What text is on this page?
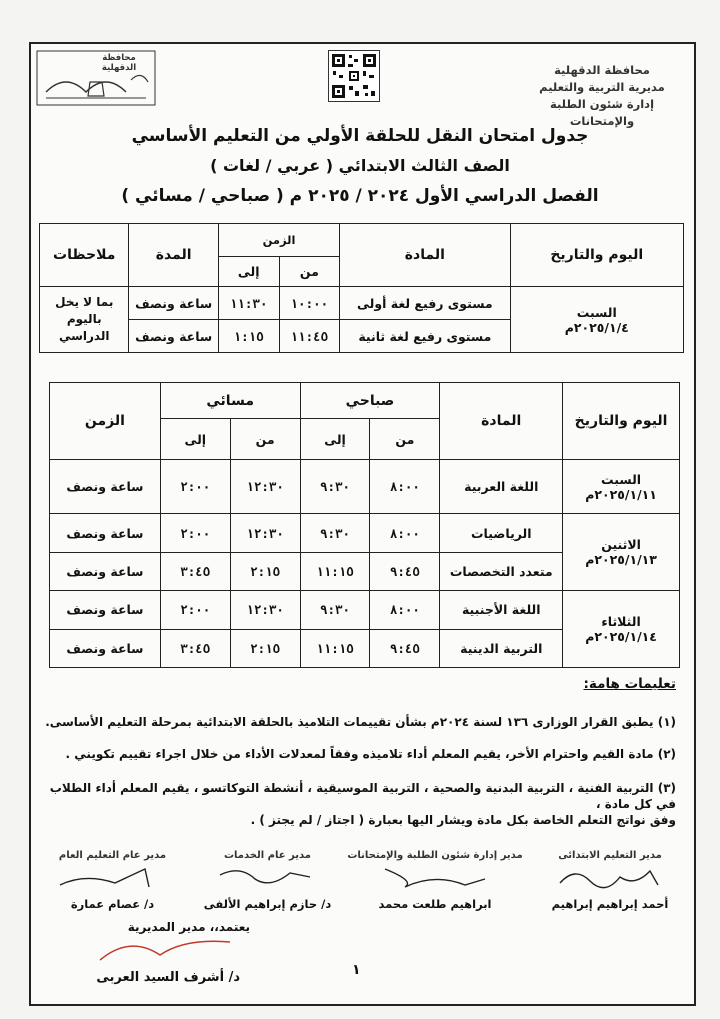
محافظة الدقهلية
مديرية التربية والتعليم
إدارة شئون الطلبة والإمتحانات
محافظة الدقهلية
جدول امتحان النقل للحلقة الأولي من التعليم الأساسي
الصف الثالث الابتدائي ( عربي / لغات )
الفصل الدراسي الأول ٢٠٢٤ / ٢٠٢٥ م ( صباحي / مسائي )
اليوم والتاريخ	المادة	الزمن		المدة	ملاحظات
		من	إلى		

السبت
٢٠٢٥/١/٤م	مستوى رفيع لغة أولى	١٠:٠٠	١١:٣٠	ساعة ونصف	بما لا يخل باليوم الدراسي
	مستوى رفيع لغة ثانية	١١:٤٥	١:١٥	ساعة ونصف	
اليوم والتاريخ	المادة	صباحي		مسائي		الزمن
		من	إلى	من	إلى	

السبت
٢٠٢٥/١/١١م	اللغة العربية	٨:٠٠	٩:٣٠	١٢:٣٠	٢:٠٠	ساعة ونصف

الاثنين
٢٠٢٥/١/١٣م	الرياضيات	٨:٠٠	٩:٣٠	١٢:٣٠	٢:٠٠	ساعة ونصف
	متعدد التخصصات	٩:٤٥	١١:١٥	٢:١٥	٣:٤٥	ساعة ونصف

الثلاثاء
٢٠٢٥/١/١٤م	اللغة الأجنبية	٨:٠٠	٩:٣٠	١٢:٣٠	٢:٠٠	ساعة ونصف
	التربية الدينية	٩:٤٥	١١:١٥	٢:١٥	٣:٤٥	ساعة ونصف
تعليمات هامة:
(١) يطبق القرار الوزارى ١٣٦ لسنة ٢٠٢٤م بشأن تقييمات التلاميذ بالحلقة الابتدائية بمرحلة التعليم الأساسى.
(٢) مادة القيم واحترام الأخر، يقيم المعلم أداء تلاميذه وفقاً لمعدلات الأداء من خلال اجراء تقييم تكويني .
(٣) التربية الفنية ، التربية البدنية والصحية ، التربية الموسيقية ، أنشطة التوكاتسو ، يقيم المعلم أداء الطلاب في كل مادة ،
وفق نواتج التعلم الخاصة بكل مادة ويشار اليها بعبارة ( اجتاز / لم يجتز ) .
مدير التعليم الابتدائى
أحمد إبراهيم إبراهيم
مدير إدارة شئون الطلبة والإمتحانات
ابراهيم طلعت محمد
مدير عام الخدمات
د/ حازم إبراهيم الألفى
مدير عام التعليم العام
د/ عصام عمارة
يعتمد،، مدير المديرية
د/ أشرف السيد العربى	١
